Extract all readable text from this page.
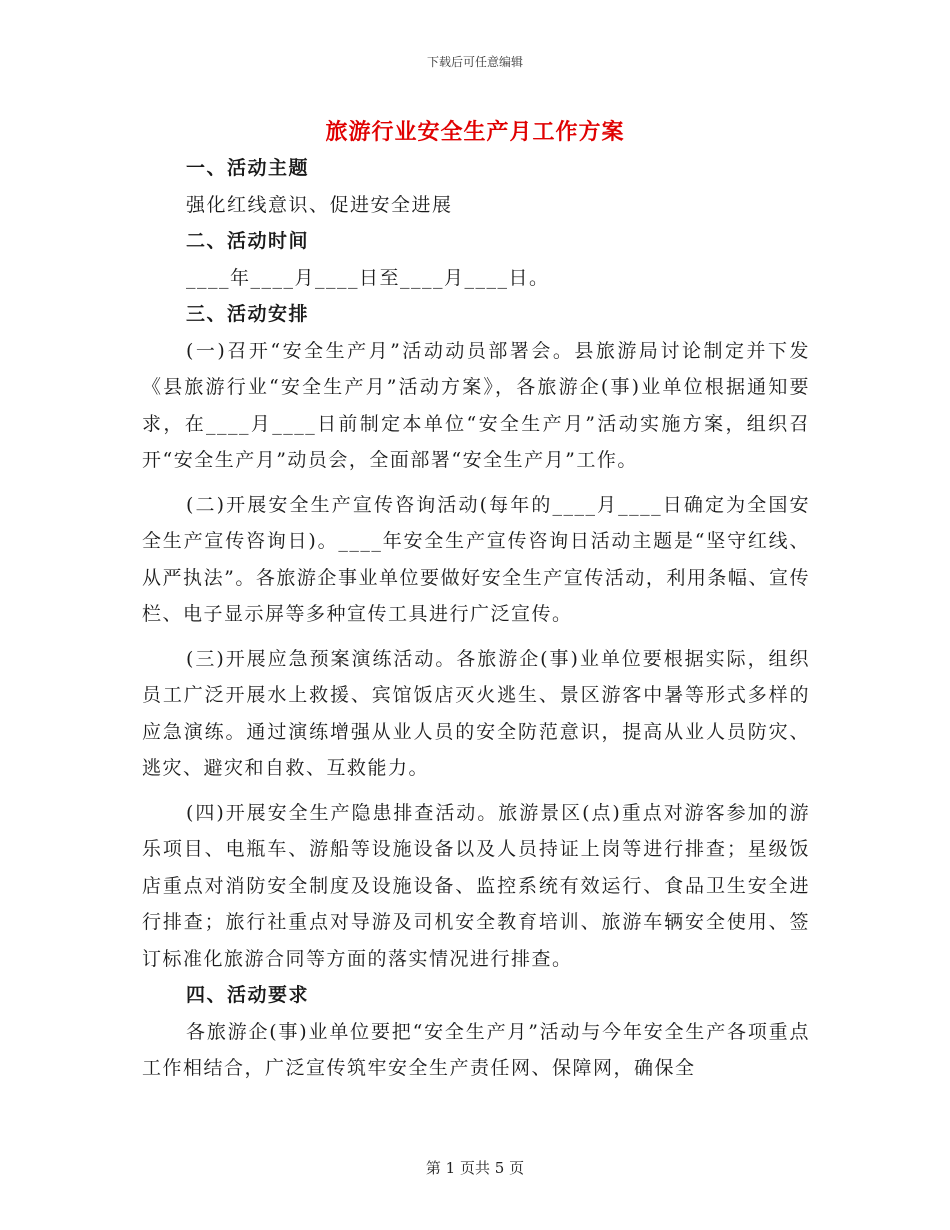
下载后可任意编辑
旅游行业安全生产月工作方案

一、活动主题

强化红线意识、促进安全进展

二、活动时间

____年____月____日至____月____日。

三、活动安排

(一)召开“安全生产月”活动动员部署会。县旅游局讨论制定并下发《县旅游行业“安全生产月”活动方案》，各旅游企(事)业单位根据通知要求，在____月____日前制定本单位“安全生产月”活动实施方案，组织召开“安全生产月”动员会，全面部署“安全生产月”工作。

(二)开展安全生产宣传咨询活动(每年的____月____日确定为全国安全生产宣传咨询日)。____年安全生产宣传咨询日活动主题是“坚守红线、从严执法”。各旅游企事业单位要做好安全生产宣传活动，利用条幅、宣传栏、电子显示屏等多种宣传工具进行广泛宣传。

(三)开展应急预案演练活动。各旅游企(事)业单位要根据实际，组织员工广泛开展水上救援、宾馆饭店灭火逃生、景区游客中暑等形式多样的应急演练。通过演练增强从业人员的安全防范意识，提高从业人员防灾、逃灾、避灾和自救、互救能力。

(四)开展安全生产隐患排查活动。旅游景区(点)重点对游客参加的游乐项目、电瓶车、游船等设施设备以及人员持证上岗等进行排查；星级饭店重点对消防安全制度及设施设备、监控系统有效运行、食品卫生安全进行排查；旅行社重点对导游及司机安全教育培训、旅游车辆安全使用、签订标准化旅游合同等方面的落实情况进行排查。

四、活动要求

各旅游企(事)业单位要把“安全生产月”活动与今年安全生产各项重点工作相结合，广泛宣传筑牢安全生产责任网、保障网，确保全

第 1 页共 5 页
